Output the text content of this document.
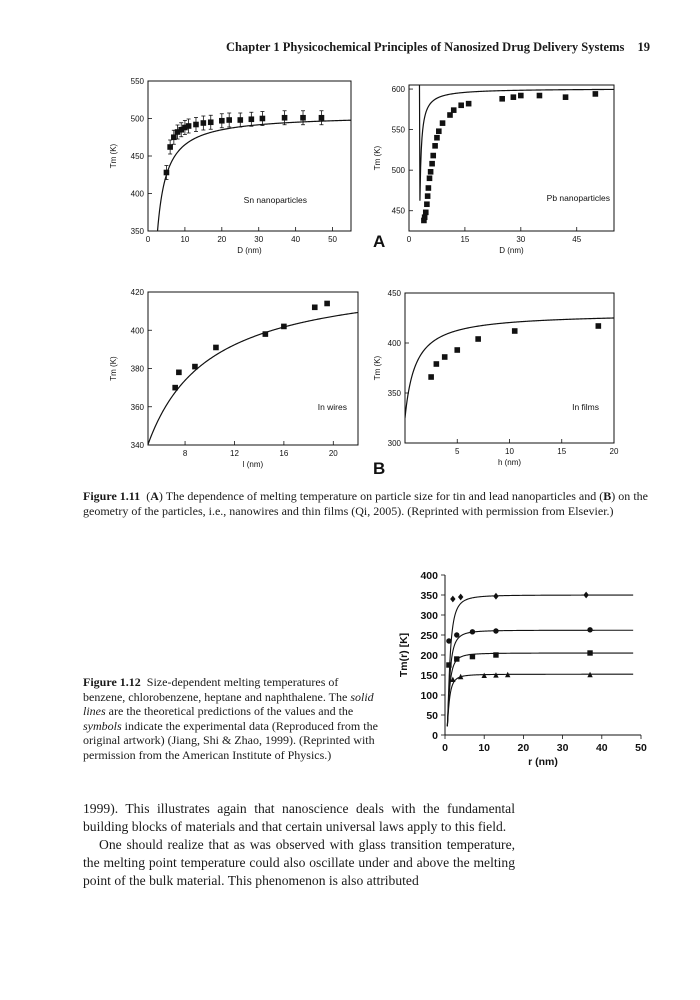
Chapter 1 Physicochemical Principles of Nanosized Drug Delivery Systems 19
0	10	20	30	40	50
350
400
450
500
550
D (nm)
Tm (K)
Sn nanoparticles
0	15	30	45
450
500
550
600
D (nm)
Tm (K)
Pb nanoparticles
8	12	16	20
340
360
380
400
420
l (nm)
Tm (K)
In wires
5	10	15	20
300
350
400
450
h (nm)
Tm (K)
In films
0
50
100
150
200
250
300
350
400
0	10	20	30	40	50
r (nm)
Tm(r) [K]
A
B
Figure 1.11 (A) The dependence of melting temperature on particle size for tin and lead nanoparticles and (B) on the geometry of the particles, i.e., nanowires and thin films (Qi, 2005). (Reprinted with permission from Elsevier.)
Figure 1.12 Size-dependent melting temperatures of benzene, chlorobenzene, heptane and naphthalene. The solid lines are the theoretical predictions of the values and the symbols indicate the experimental data (Reproduced from the original artwork) (Jiang, Shi & Zhao, 1999). (Reprinted with permission from the American Institute of Physics.)

1999). This illustrates again that nanoscience deals with the fundamental building blocks of materials and that certain universal laws apply to this field.

One should realize that as was observed with glass transition temperature, the melting point temperature could also oscillate under and above the melting point of the bulk material. This phenomenon is also attributed
